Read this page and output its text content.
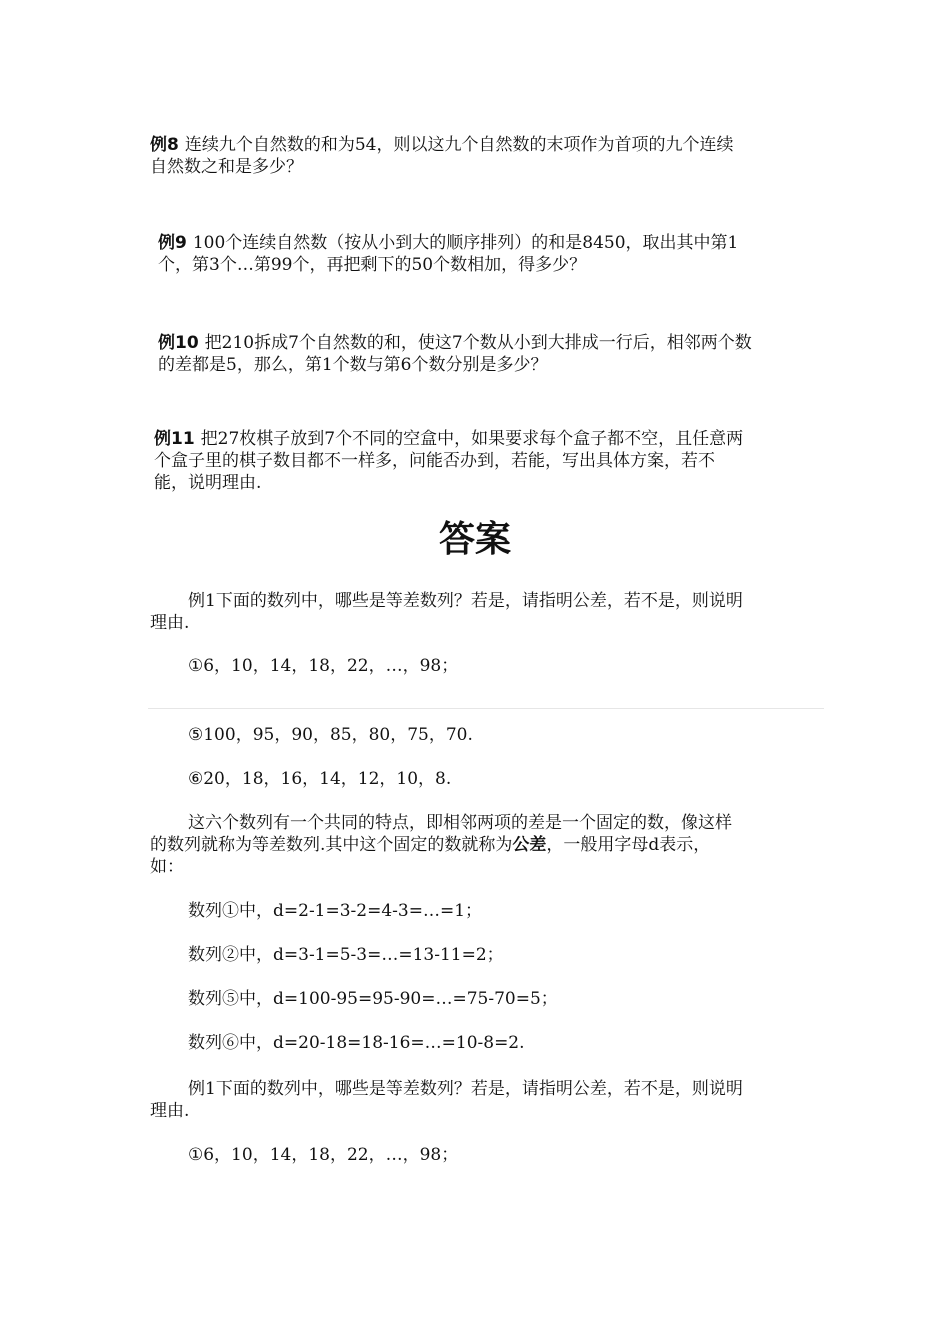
例8 连续九个自然数的和为54，则以这九个自然数的末项作为首项的九个连续
自然数之和是多少？
例9 100个连续自然数（按从小到大的顺序排列）的和是8450，取出其中第1
个，第3个…第99个，再把剩下的50个数相加，得多少？
例10 把210拆成7个自然数的和，使这7个数从小到大排成一行后，相邻两个数
的差都是5，那么，第1个数与第6个数分别是多少？
例11 把27枚棋子放到7个不同的空盒中，如果要求每个盒子都不空，且任意两
个盒子里的棋子数目都不一样多，问能否办到，若能，写出具体方案，若不
能，说明理由.
答案
例1下面的数列中，哪些是等差数列？若是，请指明公差，若不是，则说明
理由.
①6，10，14，18，22，…，98；
⑤100，95，90，85，80，75，70.
⑥20，18，16，14，12，10，8.
这六个数列有一个共同的特点，即相邻两项的差是一个固定的数，像这样
的数列就称为等差数列.其中这个固定的数就称为公差，一般用字母d表示，
如：
数列①中，d=2-1=3-2=4-3=…=1；
数列②中，d=3-1=5-3=…=13-11=2；
数列⑤中，d=100-95=95-90=…=75-70=5；
数列⑥中，d=20-18=18-16=…=10-8=2.
例1下面的数列中，哪些是等差数列？若是，请指明公差，若不是，则说明
理由.
①6，10，14，18，22，…，98；
